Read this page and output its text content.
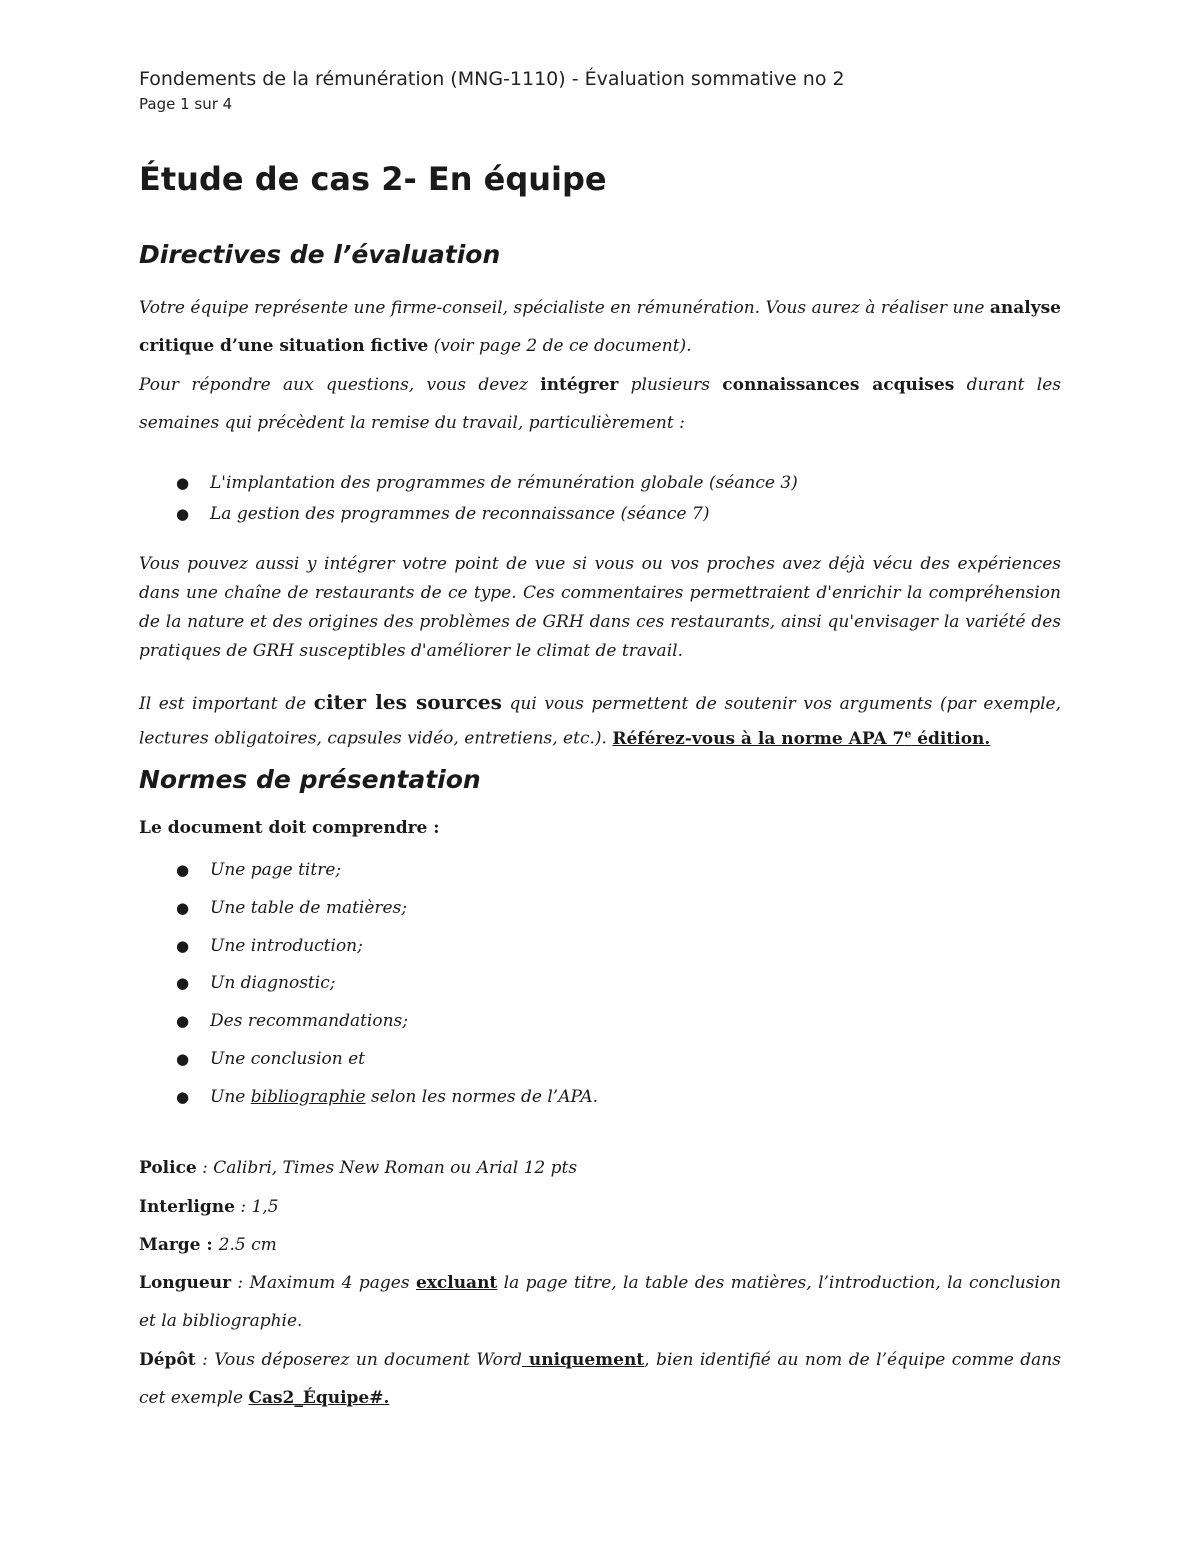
Fondements de la rémunération (MNG-1110) - Évaluation sommative no 2
Page 1 sur 4
Étude de cas 2- En équipe
Directives de l’évaluation
Votre équipe représente une firme-conseil, spécialiste en rémunération. Vous aurez à réaliser une analyse critique d’une situation fictive (voir page 2 de ce document).
Pour répondre aux questions, vous devez intégrer plusieurs connaissances acquises durant les semaines qui précèdent la remise du travail, particulièrement :
● L'implantation des programmes de rémunération globale (séance 3)
● La gestion des programmes de reconnaissance (séance 7)
Vous pouvez aussi y intégrer votre point de vue si vous ou vos proches avez déjà vécu des expériences dans une chaîne de restaurants de ce type. Ces commentaires permettraient d'enrichir la compréhension de la nature et des origines des problèmes de GRH dans ces restaurants, ainsi qu'envisager la variété des pratiques de GRH susceptibles d'améliorer le climat de travail.
Il est important de citer les sources qui vous permettent de soutenir vos arguments (par exemple, lectures obligatoires, capsules vidéo, entretiens, etc.). Référez-vous à la norme APA 7e édition.
Normes de présentation
Le document doit comprendre :
● Une page titre;
● Une table de matières;
● Une introduction;
● Un diagnostic;
● Des recommandations;
● Une conclusion et
● Une bibliographie selon les normes de l’APA.
Police : Calibri, Times New Roman ou Arial 12 pts
Interligne : 1,5
Marge : 2.5 cm
Longueur : Maximum 4 pages excluant la page titre, la table des matières, l’introduction, la conclusion et la bibliographie.
Dépôt : Vous déposerez un document Word uniquement, bien identifié au nom de l’équipe comme dans cet exemple Cas2_Équipe#.
